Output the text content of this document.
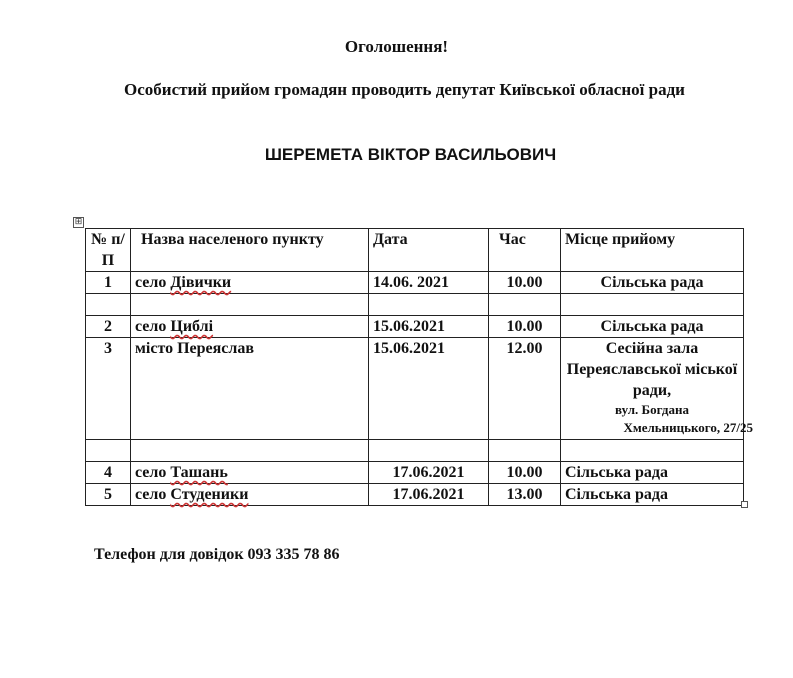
Оголошення!
Особистий прийом громадян проводить депутат Київської обласної ради
ШЕРЕМЕТА ВІКТОР ВАСИЛЬОВИЧ
⊞
№ п/П	Назва населеного пункту	Дата	Час	Місце прийому
1	село Дівички	14.06. 2021	10.00	Сільська рада

2	село Циблі	15.06.2021	10.00	Сільська рада
3	місто Переяслав	15.06.2021	12.00	Сесійна зала Переяславської міської ради,
вул. Богдана
Хмельницького, 27/25

4	село Ташань	17.06.2021	10.00	Сільська рада
5	село Студеники	17.06.2021	13.00	Сільська рада
Телефон для довідок 093 335 78 86
